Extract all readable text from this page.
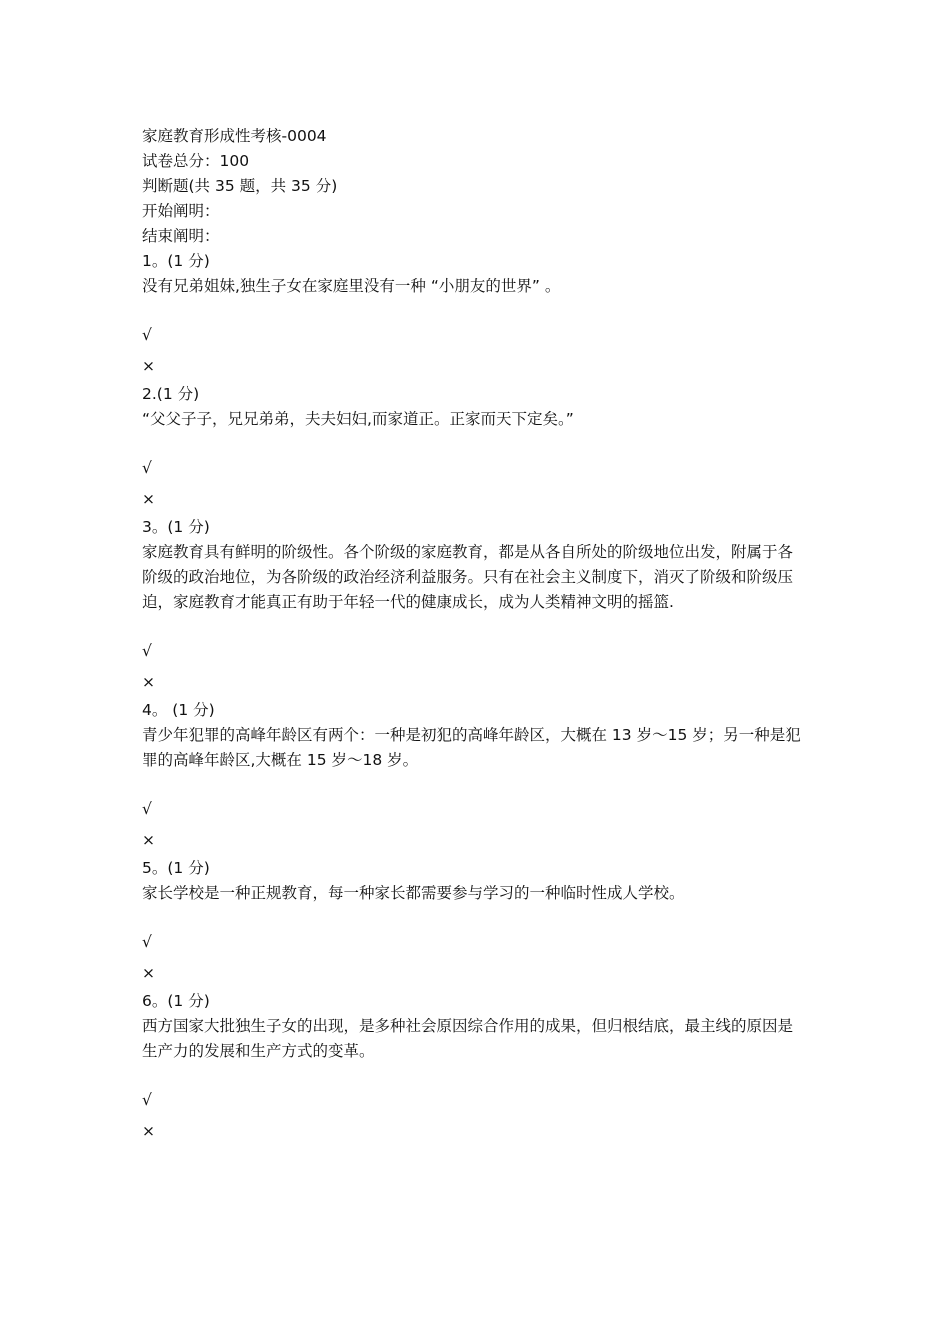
家庭教育形成性考核-0004
试卷总分：100
判断题(共 35 题，共 35 分)
开始阐明：
结束阐明：
1。(1 分)
没有兄弟姐妹,独生子女在家庭里没有一种 “小朋友的世界” 。
√
×
2.(1 分)
“父父子子，兄兄弟弟，夫夫妇妇,而家道正。正家而天下定矣。”
√
×
3。(1 分)
家庭教育具有鲜明的阶级性。各个阶级的家庭教育，都是从各自所处的阶级地位出发，附属于各阶级的政治地位，为各阶级的政治经济利益服务。只有在社会主义制度下，消灭了阶级和阶级压迫，家庭教育才能真正有助于年轻一代的健康成长，成为人类精神文明的摇篮.
√
×
4。 (1 分)
青少年犯罪的高峰年龄区有两个：一种是初犯的高峰年龄区，大概在 13 岁～15 岁；另一种是犯罪的高峰年龄区,大概在 15 岁～18 岁。
√
×
5。(1 分)
家长学校是一种正规教育，每一种家长都需要参与学习的一种临时性成人学校。
√
×
6。(1 分)
西方国家大批独生子女的出现，是多种社会原因综合作用的成果，但归根结底，最主线的原因是生产力的发展和生产方式的变革。
√
×
